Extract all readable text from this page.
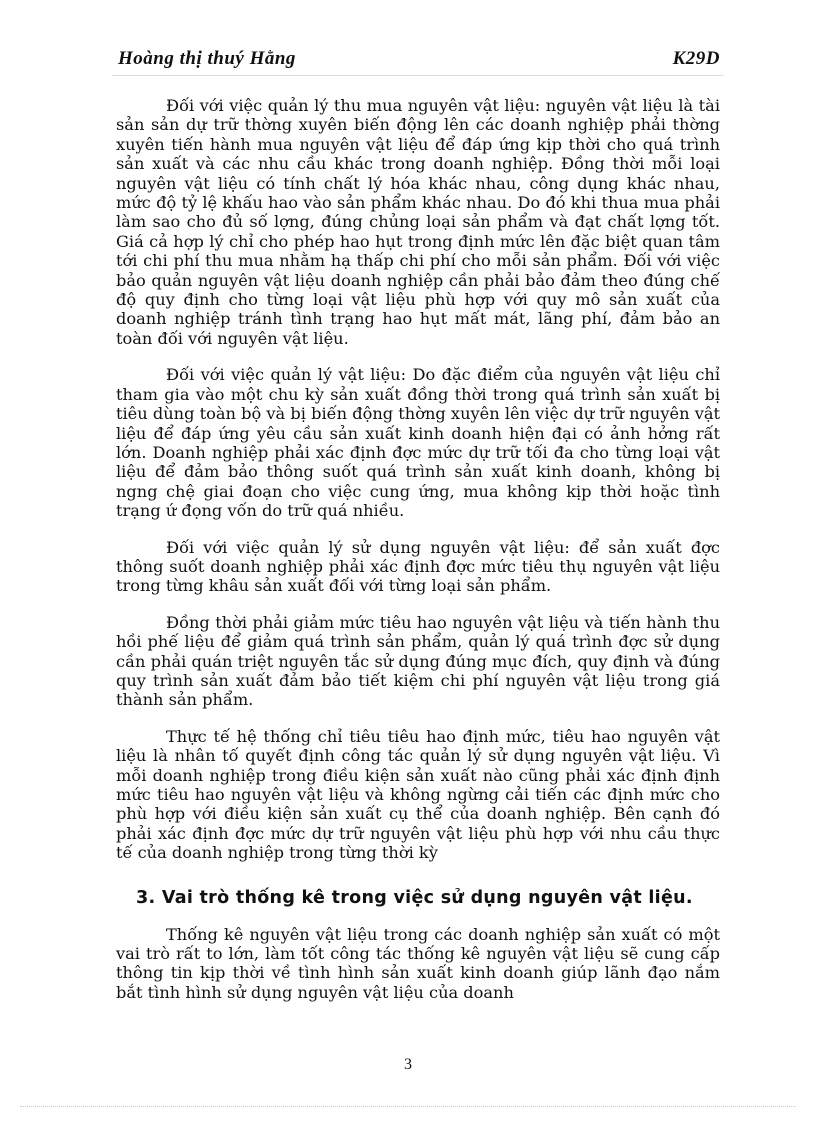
Hoàng thị thuý Hằng	K29D

Đối với việc quản lý thu mua nguyên vật liệu: nguyên vật liệu là tài sản sản dự trữ thờng xuyên biến động lên các doanh nghiệp phải thờng xuyên tiến hành mua nguyên vật liệu để đáp ứng kịp thời cho quá trình sản xuất và các nhu cầu khác trong doanh nghiệp. Đồng thời mỗi loại nguyên vật liệu có tính chất lý hóa khác nhau, công dụng khác nhau, mức độ tỷ lệ khấu hao vào sản phẩm khác nhau. Do đó khi thua mua phải làm sao cho đủ số lợng, đúng chủng loại sản phẩm và đạt chất lợng tốt. Giá cả hợp lý chỉ cho phép hao hụt trong định mức lên đặc biệt quan tâm tới chi phí thu mua nhằm hạ thấp chi phí cho mỗi sản phẩm. Đối với việc bảo quản nguyên vật liệu doanh nghiệp cần phải bảo đảm theo đúng chế độ quy định cho từng loại vật liệu phù hợp với quy mô sản xuất của doanh nghiệp tránh tình trạng hao hụt mất mát, lãng phí, đảm bảo an toàn đối với nguyên vật liệu.

Đối với việc quản lý vật liệu: Do đặc điểm của nguyên vật liệu chỉ tham gia vào một chu kỳ sản xuất đồng thời trong quá trình sản xuất bị tiêu dùng toàn bộ và bị biến động thờng xuyên lên việc dự trữ nguyên vật liệu để đáp ứng yêu cầu sản xuất kinh doanh hiện đại có ảnh hởng rất lớn. Doanh nghiệp phải xác định đợc mức dự trữ tối đa cho từng loại vật liệu để đảm bảo thông suốt quá trình sản xuất kinh doanh, không bị ngng chệ giai đoạn cho việc cung ứng, mua không kịp thời hoặc tình trạng ứ đọng vốn do trữ quá nhiều.

Đối với việc quản lý sử dụng nguyên vật liệu: để sản xuất đợc thông suốt doanh nghiệp phải xác định đợc mức tiêu thụ nguyên vật liệu trong từng khâu sản xuất đối với từng loại sản phẩm.

Đồng thời phải giảm mức tiêu hao nguyên vật liệu và tiến hành thu hồi phế liệu để giảm quá trình sản phẩm, quản lý quá trình đợc sử dụng cần phải quán triệt nguyên tắc sử dụng đúng mục đích, quy định và đúng quy trình sản xuất đảm bảo tiết kiệm chi phí nguyên vật liệu trong giá thành sản phẩm.

Thực tế hệ thống chỉ tiêu tiêu hao định mức, tiêu hao nguyên vật liệu là nhân tố quyết định công tác quản lý sử dụng nguyên vật liệu. Vì mỗi doanh nghiệp trong điều kiện sản xuất nào cũng phải xác định định mức tiêu hao nguyên vật liệu và không ngừng cải tiến các định mức cho phù hợp với điều kiện sản xuất cụ thể của doanh nghiệp. Bên cạnh đó phải xác định đợc mức dự trữ nguyên vật liệu phù hợp với nhu cầu thực tế của doanh nghiệp trong từng thời kỳ

3. Vai trò thống kê trong việc sử dụng nguyên vật liệu.

Thống kê nguyên vật liệu trong các doanh nghiệp sản xuất có một vai trò rất to lớn, làm tốt công tác thống kê nguyên vật liệu sẽ cung cấp thông tin kịp thời về tình hình sản xuất kinh doanh giúp lãnh đạo nắm bắt tình hình sử dụng nguyên vật liệu của doanh

3
